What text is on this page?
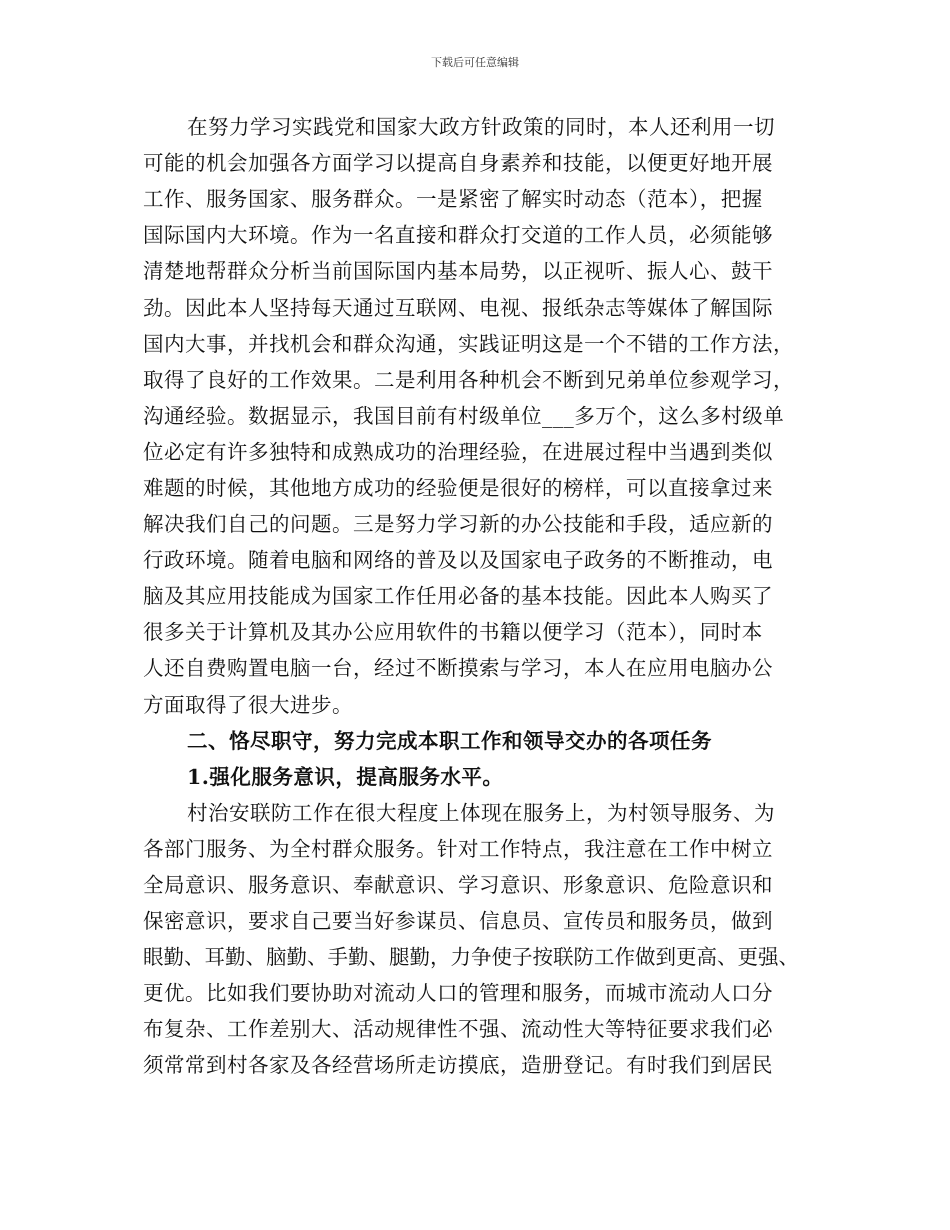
下载后可任意编辑
在努力学习实践党和国家大政方针政策的同时，本人还利用一切
可能的机会加强各方面学习以提高自身素养和技能，以便更好地开展
工作、服务国家、服务群众。一是紧密了解实时动态（范本），把握
国际国内大环境。作为一名直接和群众打交道的工作人员，必须能够
清楚地帮群众分析当前国际国内基本局势，以正视听、振人心、鼓干
劲。因此本人坚持每天通过互联网、电视、报纸杂志等媒体了解国际
国内大事，并找机会和群众沟通，实践证明这是一个不错的工作方法，
取得了良好的工作效果。二是利用各种机会不断到兄弟单位参观学习，
沟通经验。数据显示，我国目前有村级单位___多万个，这么多村级单
位必定有许多独特和成熟成功的治理经验，在进展过程中当遇到类似
难题的时候，其他地方成功的经验便是很好的榜样，可以直接拿过来
解决我们自己的问题。三是努力学习新的办公技能和手段，适应新的
行政环境。随着电脑和网络的普及以及国家电子政务的不断推动，电
脑及其应用技能成为国家工作任用必备的基本技能。因此本人购买了
很多关于计算机及其办公应用软件的书籍以便学习（范本），同时本
人还自费购置电脑一台，经过不断摸索与学习，本人在应用电脑办公
方面取得了很大进步。
二、恪尽职守，努力完成本职工作和领导交办的各项任务
1.强化服务意识，提高服务水平。
村治安联防工作在很大程度上体现在服务上，为村领导服务、为
各部门服务、为全村群众服务。针对工作特点，我注意在工作中树立
全局意识、服务意识、奉献意识、学习意识、形象意识、危险意识和
保密意识，要求自己要当好参谋员、信息员、宣传员和服务员，做到
眼勤、耳勤、脑勤、手勤、腿勤，力争使子按联防工作做到更高、更强、
更优。比如我们要协助对流动人口的管理和服务，而城市流动人口分
布复杂、工作差别大、活动规律性不强、流动性大等特征要求我们必
须常常到村各家及各经营场所走访摸底，造册登记。有时我们到居民
